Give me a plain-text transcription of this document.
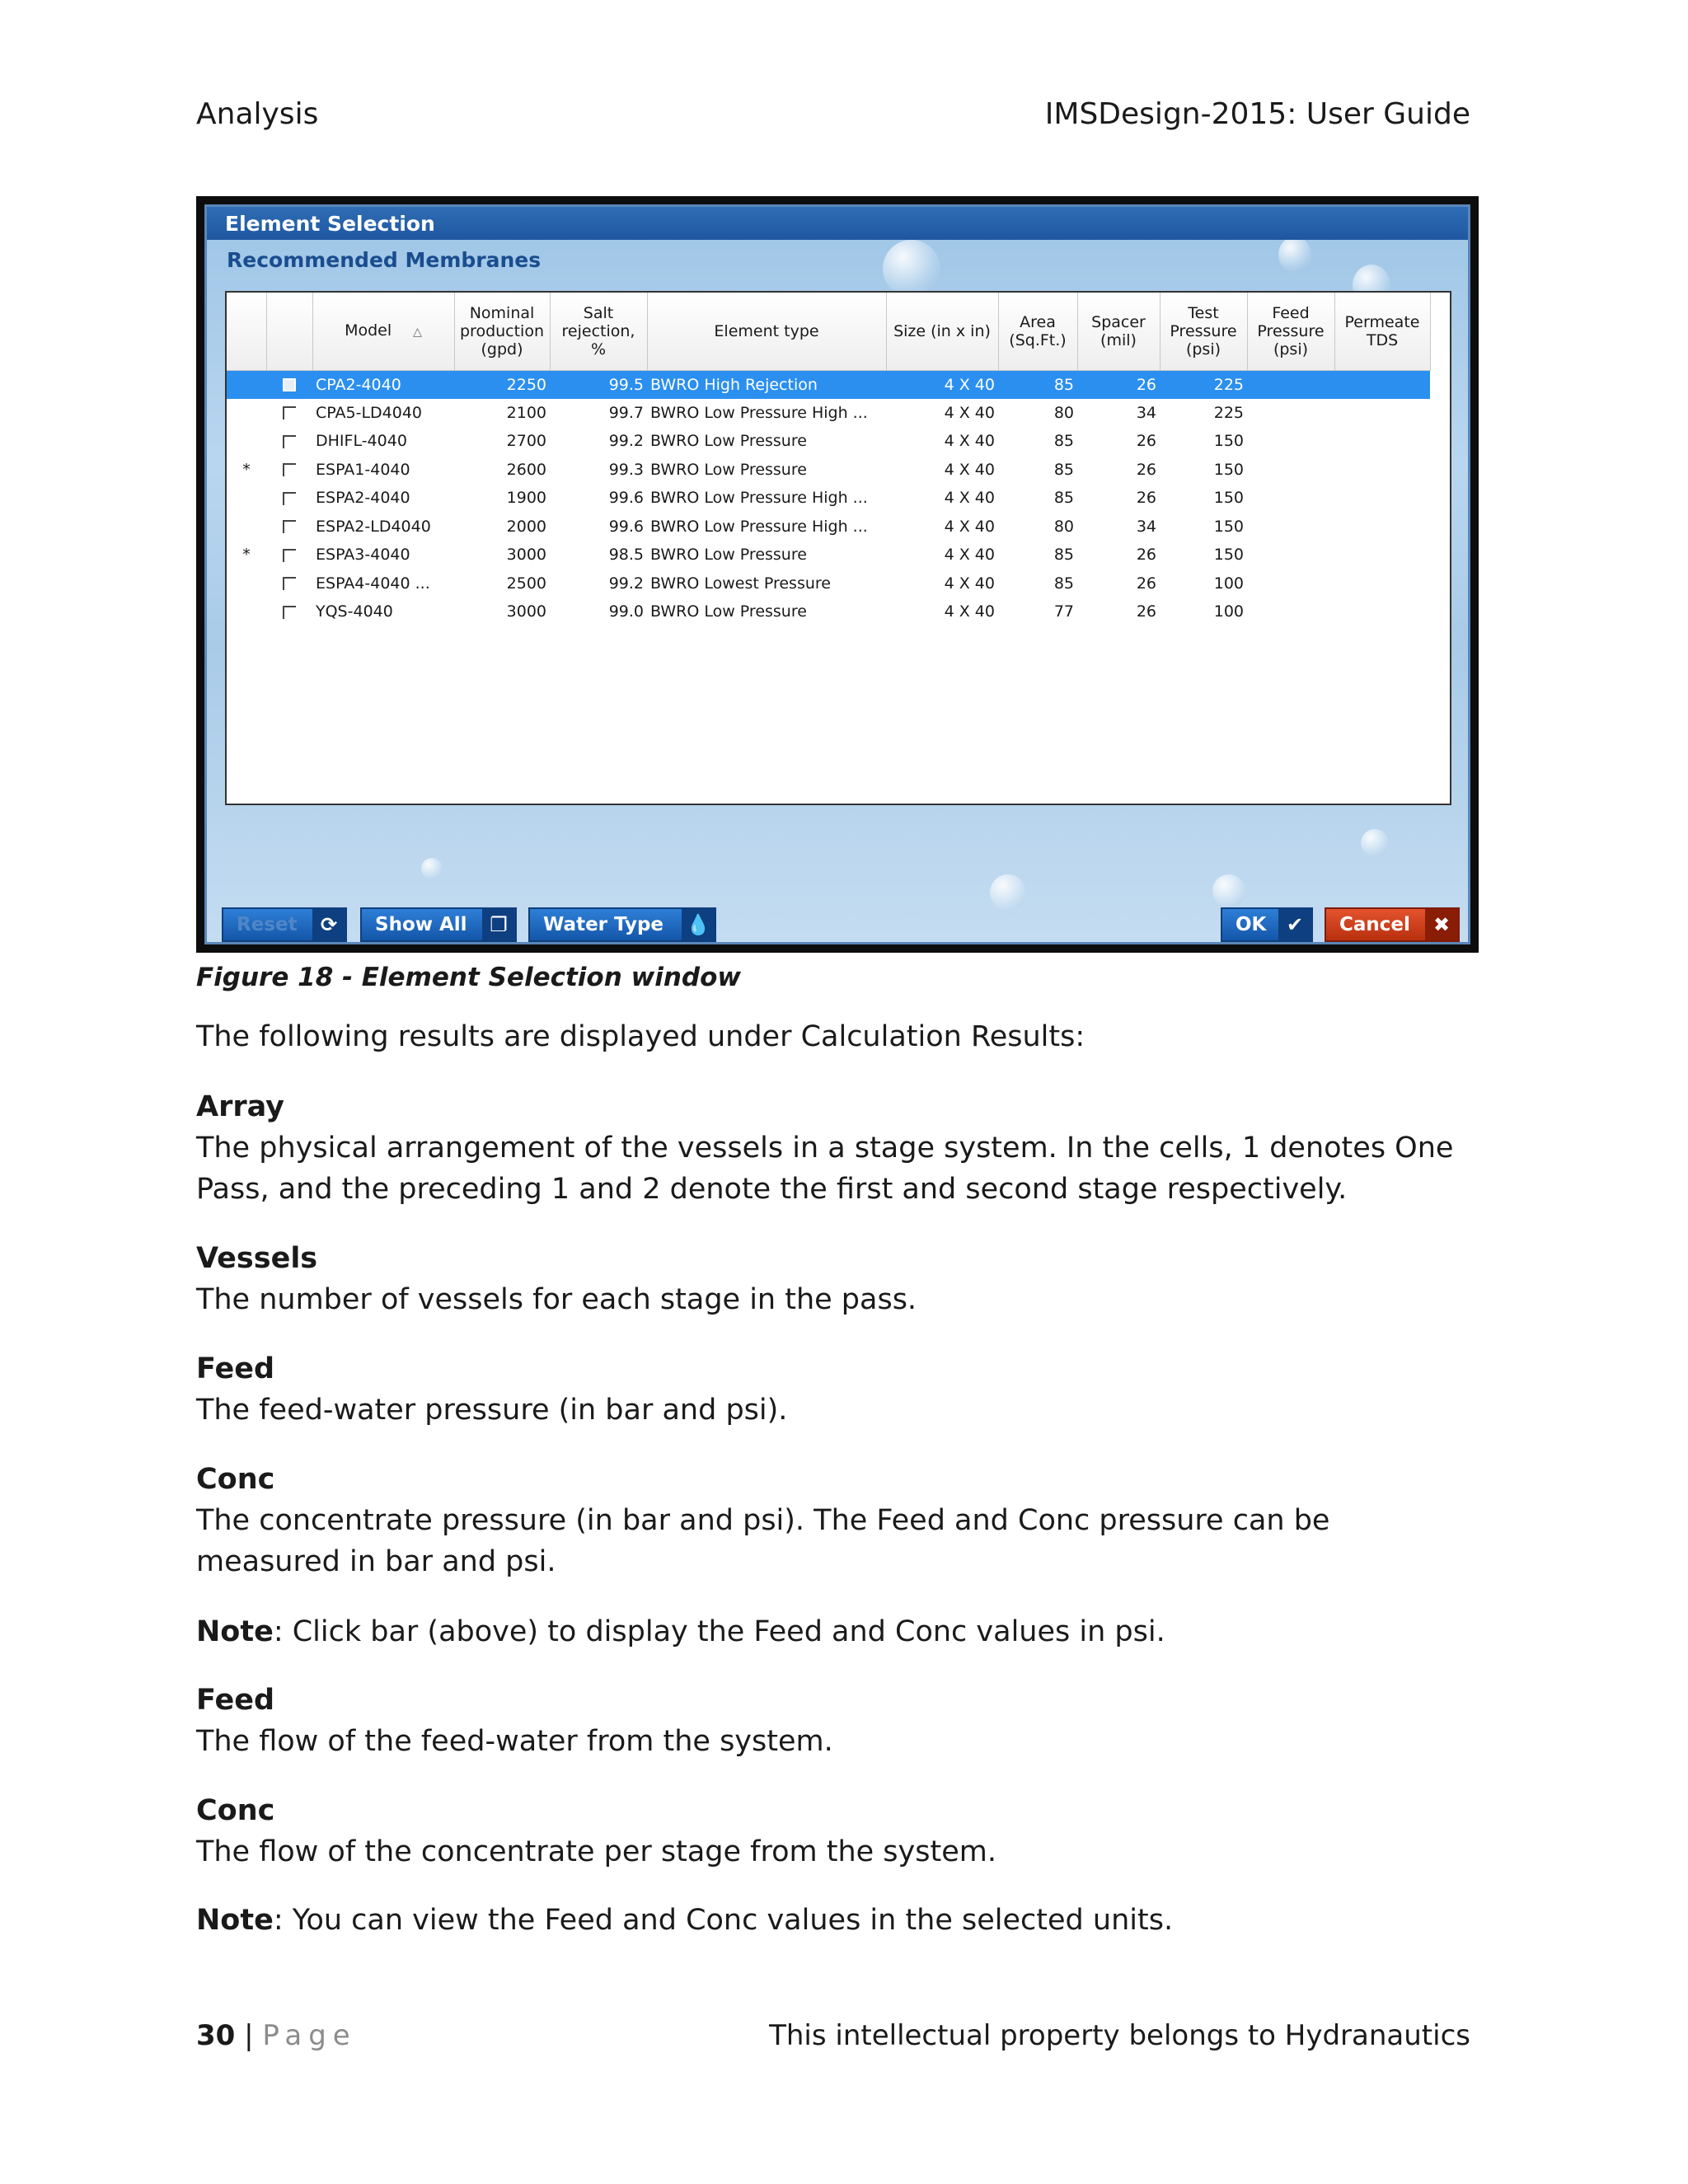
Analysis	IMSDesign-2015: User Guide
Element Selection
Recommended Membranes
		Model △	Nominal production (gpd)	Salt rejection, %	Element type	Size (in x in)	Area (Sq.Ft.)	Spacer (mil)	Test Pressure (psi)	Feed Pressure (psi)	Permeate TDS
		CPA2-4040	2250	99.5	BWRO High Rejection	4 X 40	85	26	225		
		CPA5-LD4040	2100	99.7	BWRO Low Pressure High ...	4 X 40	80	34	225		
		DHIFL-4040	2700	99.2	BWRO Low Pressure	4 X 40	85	26	150		
*		ESPA1-4040	2600	99.3	BWRO Low Pressure	4 X 40	85	26	150		
		ESPA2-4040	1900	99.6	BWRO Low Pressure High ...	4 X 40	85	26	150		
		ESPA2-LD4040	2000	99.6	BWRO Low Pressure High ...	4 X 40	80	34	150		
*		ESPA3-4040	3000	98.5	BWRO Low Pressure	4 X 40	85	26	150		
		ESPA4-4040 ...	2500	99.2	BWRO Lowest Pressure	4 X 40	85	26	100		
		YQS-4040	3000	99.0	BWRO Low Pressure	4 X 40	77	26	100		
Reset	⟳	Show All	❐	Water Type	💧	OK	✔	Cancel	✖
Figure 18 - Element Selection window
The following results are displayed under Calculation Results:
Array
The physical arrangement of the vessels in a stage system. In the cells, 1 denotes One Pass, and the preceding 1 and 2 denote the first and second stage respectively.
Vessels
The number of vessels for each stage in the pass.
Feed
The feed-water pressure (in bar and psi).
Conc
The concentrate pressure (in bar and psi). The Feed and Conc pressure can be measured in bar and psi.
Note: Click bar (above) to display the Feed and Conc values in psi.
Feed
The flow of the feed-water from the system.
Conc
The flow of the concentrate per stage from the system.
Note: You can view the Feed and Conc values in the selected units.
30 | Page	This intellectual property belongs to Hydranautics
